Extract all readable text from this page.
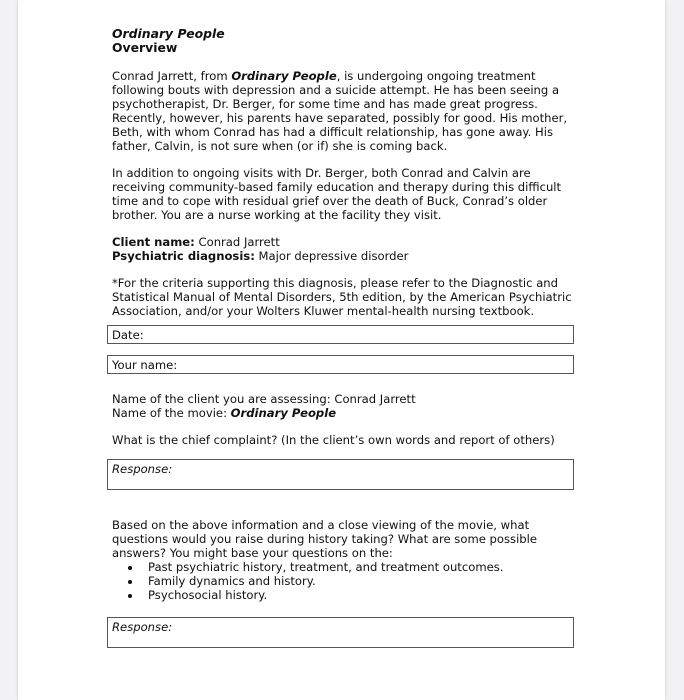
Ordinary People
Overview

Conrad Jarrett, from Ordinary People, is undergoing ongoing treatment following bouts with depression and a suicide attempt. He has been seeing a psychotherapist, Dr. Berger, for some time and has made great progress. Recently, however, his parents have separated, possibly for good. His mother, Beth, with whom Conrad has had a difficult relationship, has gone away. His father, Calvin, is not sure when (or if) she is coming back.

In addition to ongoing visits with Dr. Berger, both Conrad and Calvin are receiving community-based family education and therapy during this difficult time and to cope with residual grief over the death of Buck, Conrad’s older brother. You are a nurse working at the facility they visit.

Client name: Conrad Jarrett
Psychiatric diagnosis: Major depressive disorder

*For the criteria supporting this diagnosis, please refer to the Diagnostic and Statistical Manual of Mental Disorders, 5th edition, by the American Psychiatric Association, and/or your Wolters Kluwer mental-health nursing textbook.

Date:
Your name:

Name of the client you are assessing: Conrad Jarrett
Name of the movie: Ordinary People

What is the chief complaint? (In the client’s own words and report of others)
Response:
Based on the above information and a close viewing of the movie, what questions would you raise during history taking? What are some possible answers? You might base your questions on the:
• Past psychiatric history, treatment, and treatment outcomes.
• Family dynamics and history.
• Psychosocial history.
Response:
